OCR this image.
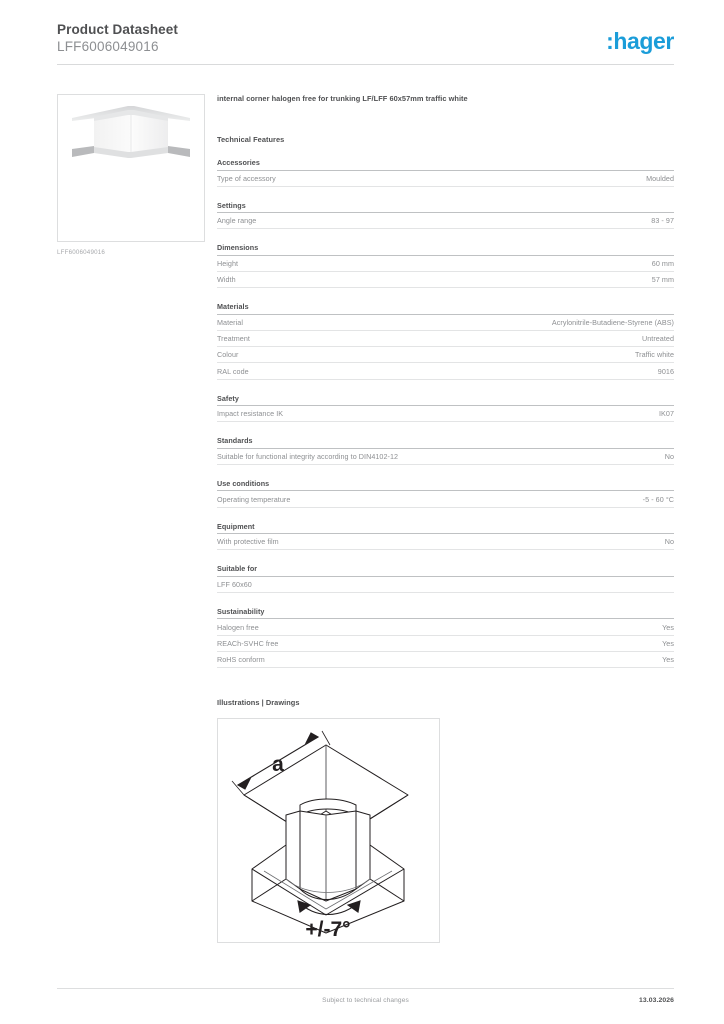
Product Datasheet
LFF6006049016	:hager
LFF6006049016
internal corner halogen free for trunking LF/LFF 60x57mm traffic white
Technical Features
Accessories
Type of accessory	Moulded
Settings
Angle range	83 - 97
Dimensions
Height	60 mm
Width	57 mm
Materials
Material	Acrylonitrile-Butadiene-Styrene (ABS)
Treatment	Untreated
Colour	Traffic white
RAL code	9016
Safety
Impact resistance IK	IK07
Standards
Suitable for functional integrity according to DIN4102-12	No
Use conditions
Operating temperature	-5 - 60 °C
Equipment
With protective film	No
Suitable for
LFF 60x60
Sustainability
Halogen free	Yes
REACh-SVHC free	Yes
RoHS conform	Yes
Illustrations | Drawings
a
+/-7°
Subject to technical changes	13.03.2026
